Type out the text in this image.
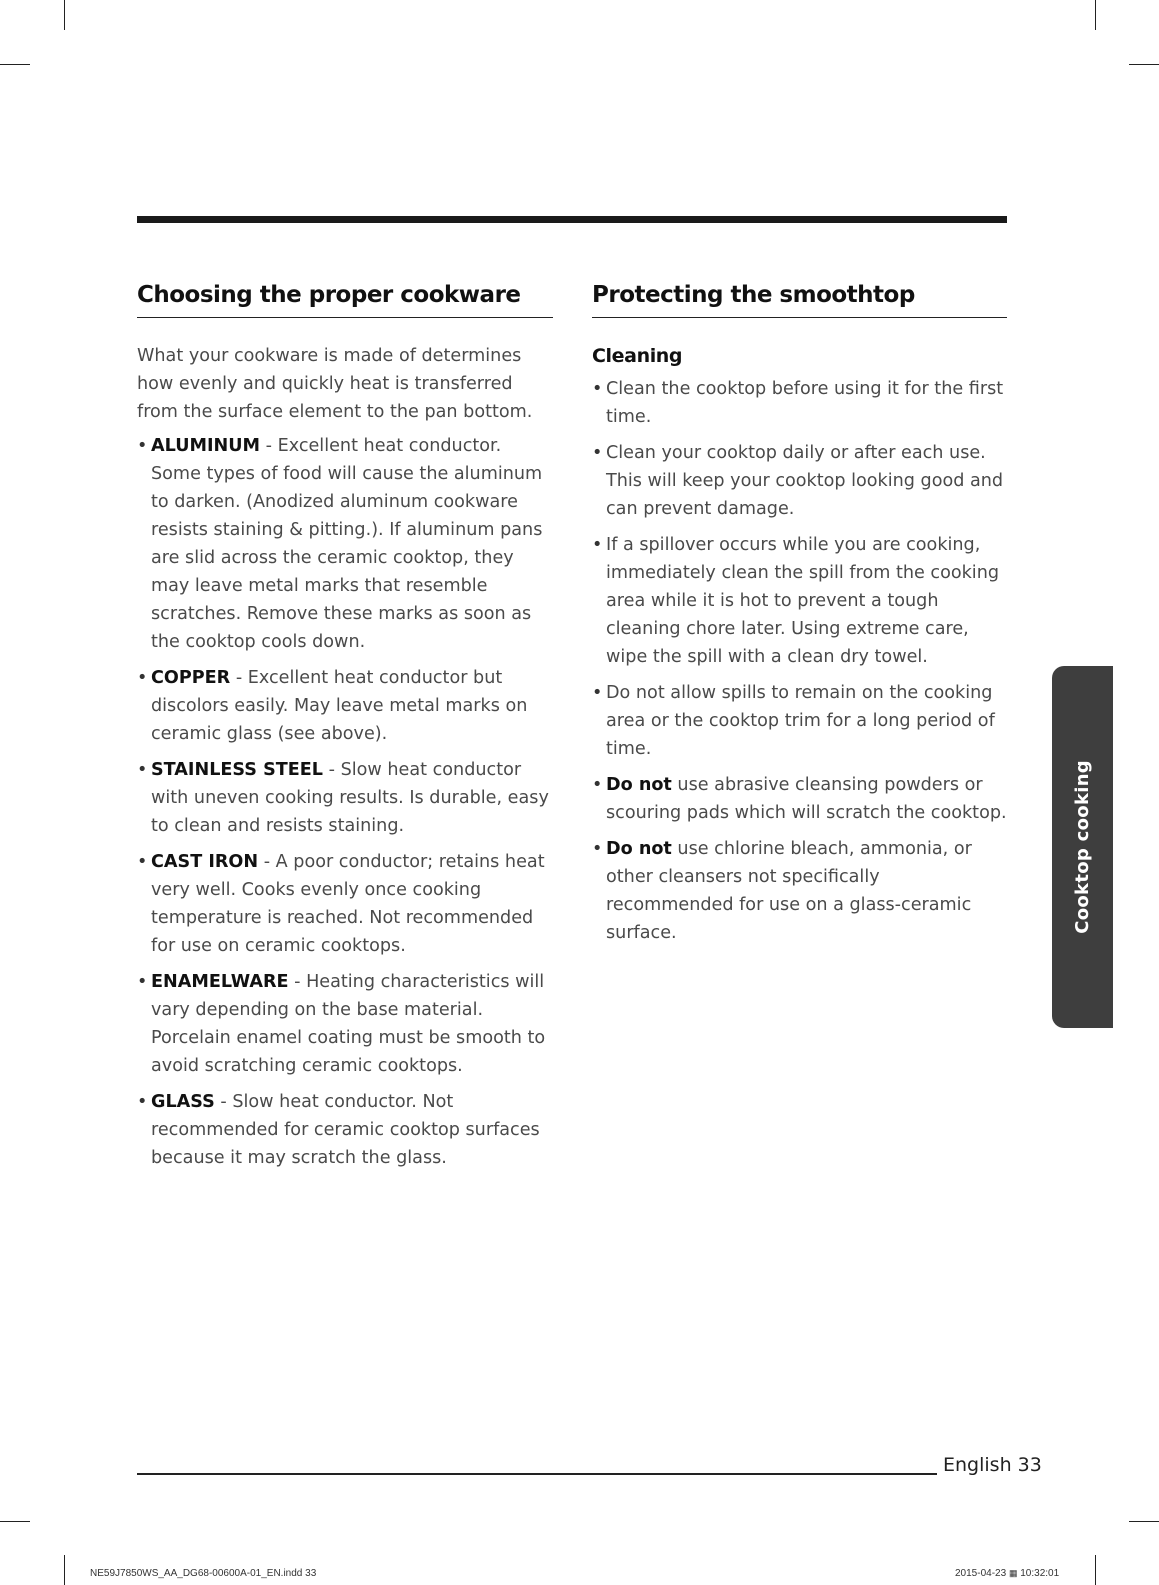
Choosing the proper cookware

What your cookware is made of determines how evenly and quickly heat is transferred from the surface element to the pan bottom.

• ALUMINUM - Excellent heat conductor. Some types of food will cause the aluminum to darken. (Anodized aluminum cookware resists staining & pitting.). If aluminum pans are slid across the ceramic cooktop, they may leave metal marks that resemble scratches. Remove these marks as soon as the cooktop cools down.
• COPPER - Excellent heat conductor but discolors easily. May leave metal marks on ceramic glass (see above).
• STAINLESS STEEL - Slow heat conductor with uneven cooking results. Is durable, easy to clean and resists staining.
• CAST IRON - A poor conductor; retains heat very well. Cooks evenly once cooking temperature is reached. Not recommended for use on ceramic cooktops.
• ENAMELWARE - Heating characteristics will vary depending on the base material. Porcelain enamel coating must be smooth to avoid scratching ceramic cooktops.
• GLASS - Slow heat conductor. Not recommended for ceramic cooktop surfaces because it may scratch the glass.
Protecting the smoothtop
Cleaning
• Clean the cooktop before using it for the first time.
• Clean your cooktop daily or after each use. This will keep your cooktop looking good and can prevent damage.
• If a spillover occurs while you are cooking, immediately clean the spill from the cooking area while it is hot to prevent a tough cleaning chore later. Using extreme care, wipe the spill with a clean dry towel.
• Do not allow spills to remain on the cooking area or the cooktop trim for a long period of time.
• Do not use abrasive cleansing powders or scouring pads which will scratch the cooktop.
• Do not use chlorine bleach, ammonia, or other cleansers not specifically recommended for use on a glass-ceramic surface.	Cooktop cooking
English 33
NE59J7850WS_AA_DG68-00600A-01_EN.indd 33	2015-04-23 ▦ 10:32:01
